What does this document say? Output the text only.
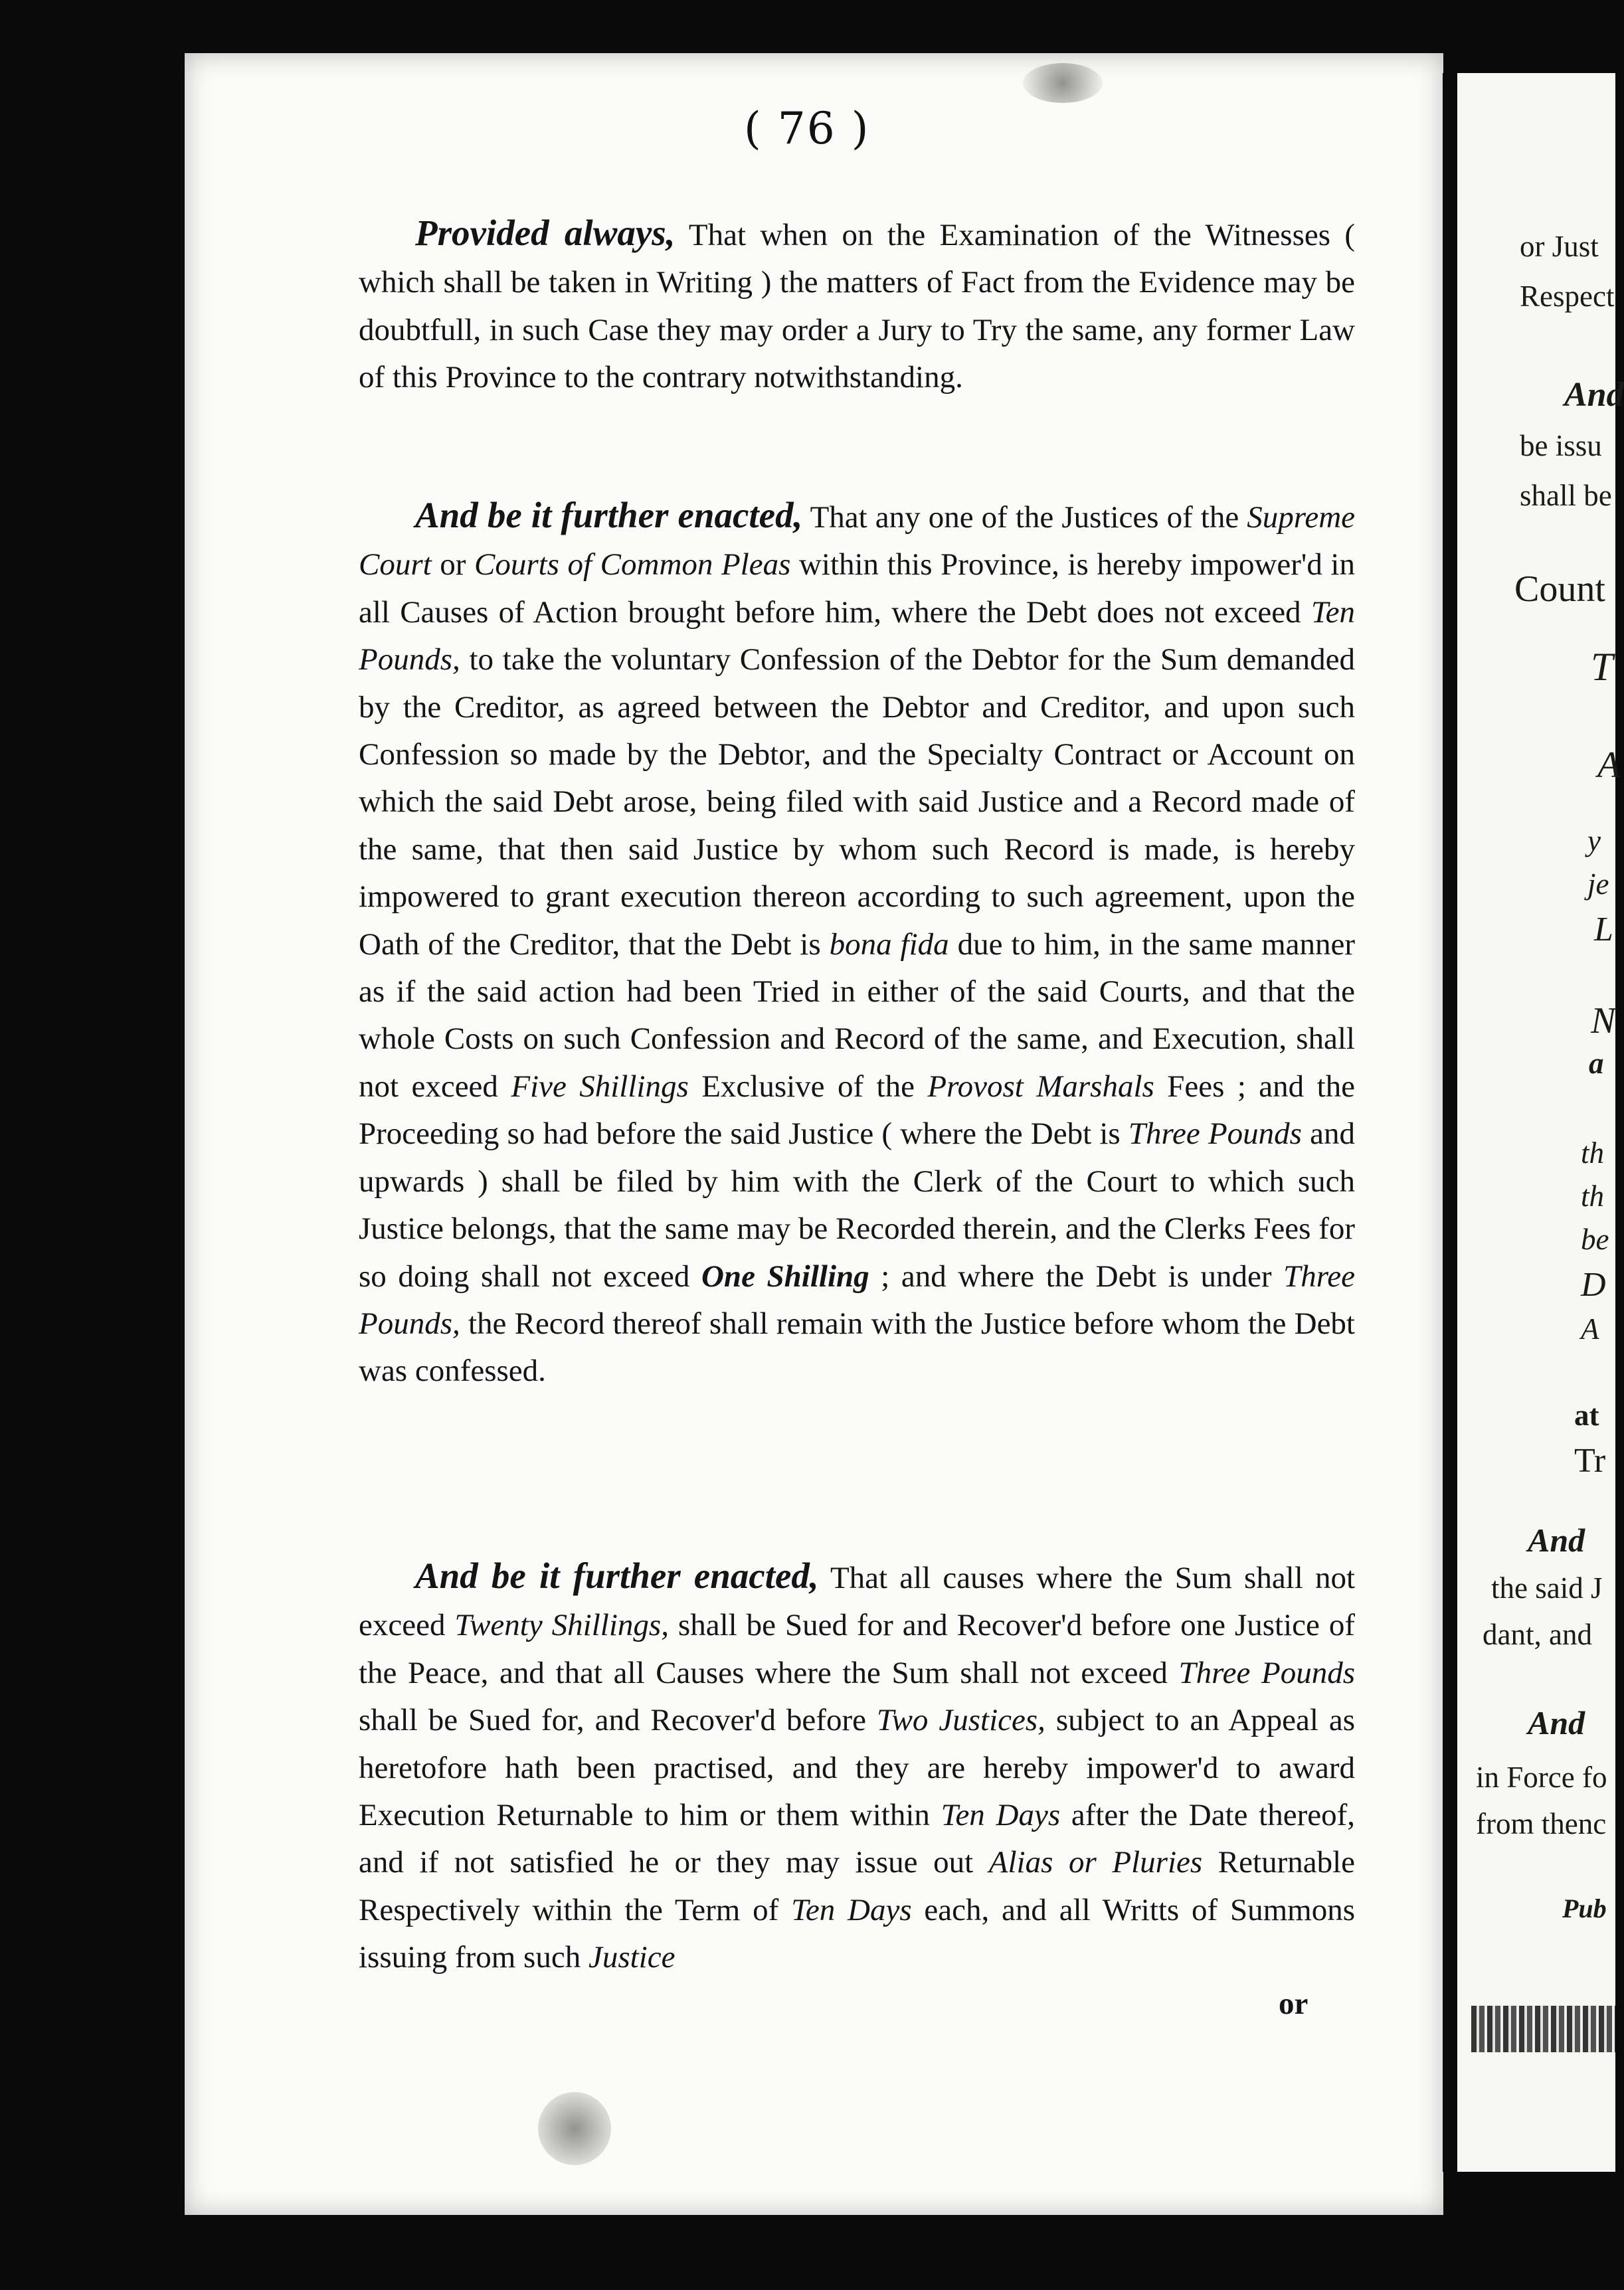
( 76 )
Provided always, That when on the Examination of the Witnesses ( which shall be taken in Writing ) the matters of Fact from the Evidence may be doubtfull, in such Case they may order a Jury to Try the same, any former Law of this Province to the contrary notwithstanding.
And be it further enacted, That any one of the Justices of the Supreme Court or Courts of Common Pleas within this Province, is hereby impower'd in all Causes of Action brought before him, where the Debt does not exceed Ten Pounds, to take the voluntary Confession of the Debtor for the Sum demanded by the Creditor, as agreed between the Debtor and Creditor, and upon such Confession so made by the Debtor, and the Specialty Contract or Account on which the said Debt arose, being filed with said Justice and a Record made of the same, that then said Justice by whom such Record is made, is hereby impowered to grant execution thereon according to such agreement, upon the Oath of the Creditor, that the Debt is bona fida due to him, in the same manner as if the said action had been Tried in either of the said Courts, and that the whole Costs on such Confession and Record of the same, and Execution, shall not exceed Five Shillings Exclusive of the Provost Marshals Fees ; and the Proceeding so had before the said Justice ( where the Debt is Three Pounds and upwards ) shall be filed by him with the Clerk of the Court to which such Justice belongs, that the same may be Recorded therein, and the Clerks Fees for so doing shall not exceed One Shilling ; and where the Debt is under Three Pounds, the Record thereof shall remain with the Justice before whom the Debt was confessed.
And be it further enacted, That all causes where the Sum shall not exceed Twenty Shillings, shall be Sued for and Recover'd before one Justice of the Peace, and that all Causes where the Sum shall not exceed Three Pounds shall be Sued for, and Recover'd before Two Justices, subject to an Appeal as heretofore hath been practised, and they are hereby impower'd to award Execution Returnable to him or them within Ten Days after the Date thereof, and if not satisfied he or they may issue out Alias or Pluries Returnable Respectively within the Term of Ten Days each, and all Writts of Summons issuing from such Justice
or
or Just
Respect
And
be issu
shall be
Count
T
A
y
je
L
N
a
th
th
be
D
A
at
Tr
And
the said J
dant, and
And
in Force fo
from thenc
Pub
